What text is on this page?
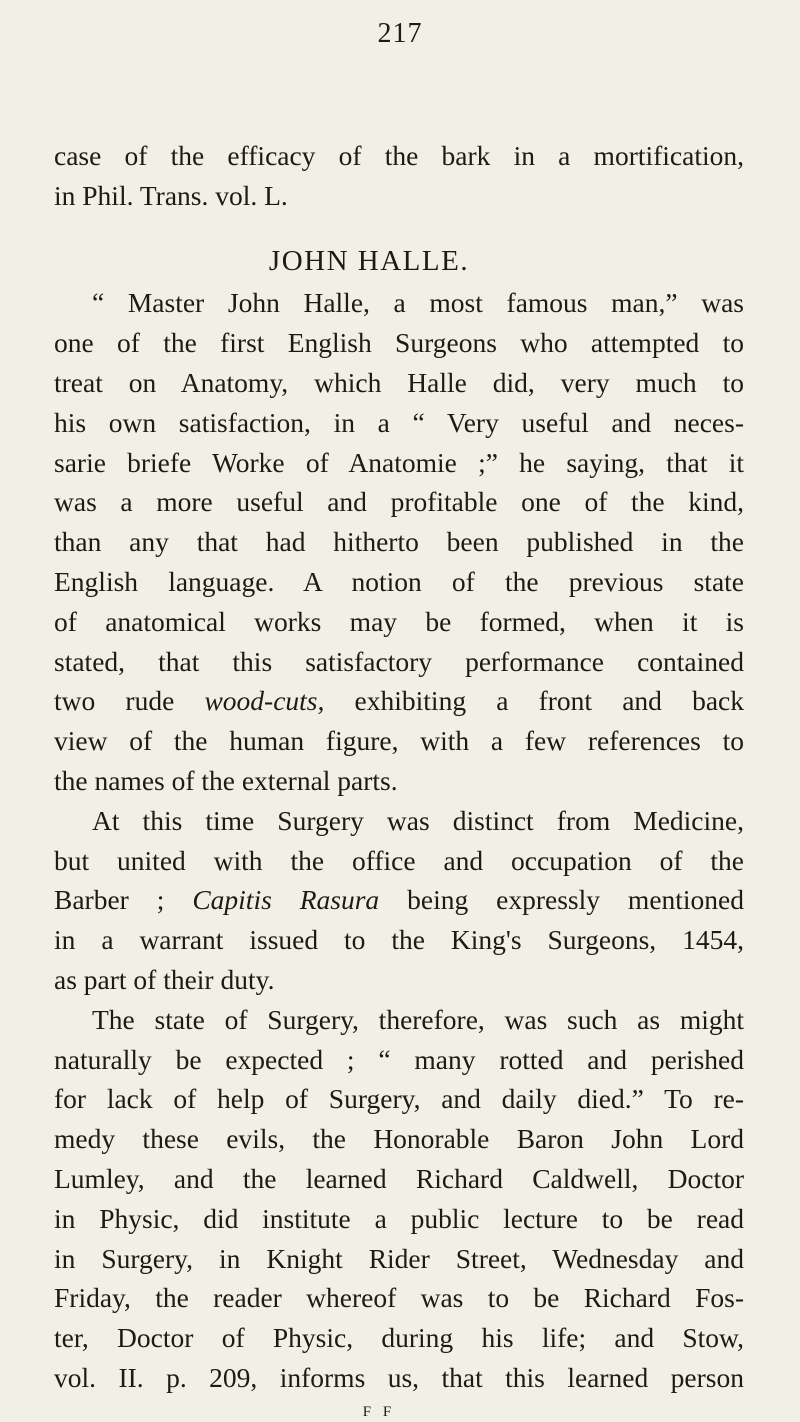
217
case of the efficacy of the bark in a mortification,
in Phil. Trans. vol. L.
JOHN HALLE.
“ Master John Halle, a most famous man,” was
one of the first English Surgeons who attempted to
treat on Anatomy, which Halle did, very much to
his own satisfaction, in a “ Very useful and neces-
sarie briefe Worke of Anatomie ;” he saying, that it
was a more useful and profitable one of the kind,
than any that had hitherto been published in the
English language. A notion of the previous state
of anatomical works may be formed, when it is
stated, that this satisfactory performance contained
two rude wood-cuts, exhibiting a front and back
view of the human figure, with a few references to
the names of the external parts.
At this time Surgery was distinct from Medicine,
but united with the office and occupation of the
Barber ; Capitis Rasura being expressly mentioned
in a warrant issued to the King's Surgeons, 1454,
as part of their duty.
The state of Surgery, therefore, was such as might
naturally be expected ; “ many rotted and perished
for lack of help of Surgery, and daily died.” To re-
medy these evils, the Honorable Baron John Lord
Lumley, and the learned Richard Caldwell, Doctor
in Physic, did institute a public lecture to be read
in Surgery, in Knight Rider Street, Wednesday and
Friday, the reader whereof was to be Richard Fos-
ter, Doctor of Physic, during his life; and Stow,
vol. II. p. 209, informs us, that this learned person
F F
